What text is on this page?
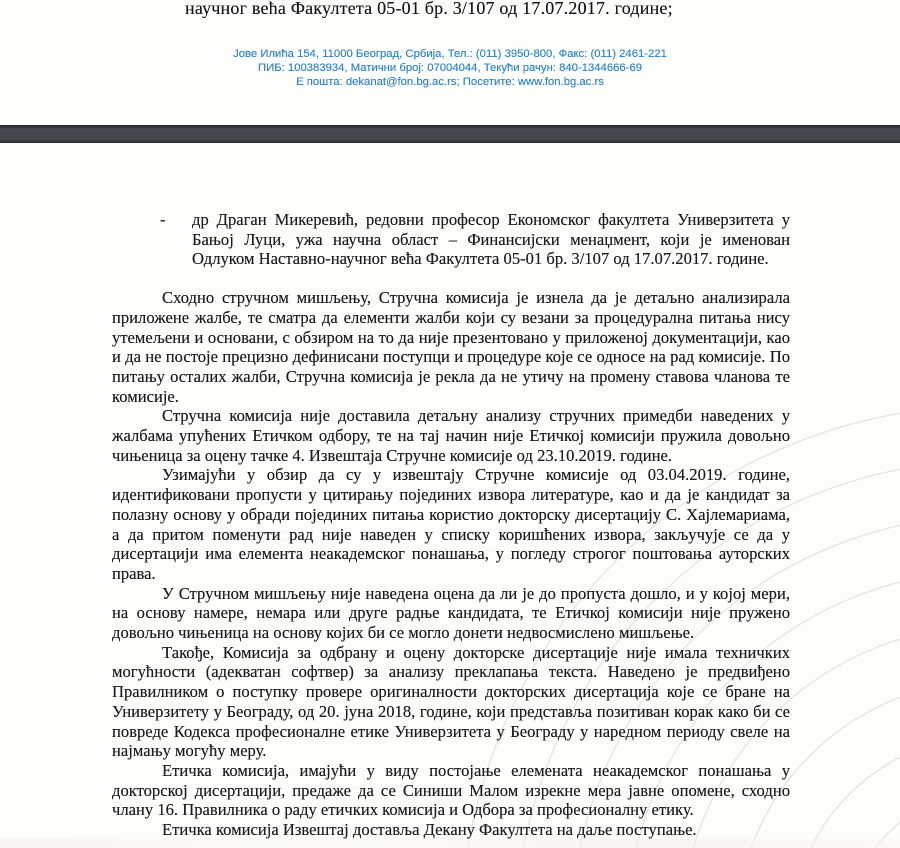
научног већа Факултета 05-01 бр. 3/107 од 17.07.2017. године;
Јове Илића 154, 11000 Београд, Србија, Тел.: (011) 3950-800, Факс: (011) 2461-221
ПИБ: 100383934, Матични број: 07004044, Текући рачун: 840-1344666-69
Е пошта: dekanat@fon.bg.ac.rs; Посетите: www.fon.bg.ac.rs
- др Драган Микеревић, редовни професор Економског факултета Универзитета у Бањој Луци, ужа научна област – Финансијски менаџмент, који је именован Одлуком Наставно-научног већа Факултета 05-01 бр. 3/107 од 17.07.2017. године.

Сходно стручном мишљењу, Стручна комисија је изнела да је детаљно анализирала приложене жалбе, те сматра да елементи жалби који су везани за процедурална питања нису утемељени и основани, с обзиром на то да није презентовано у приложеној документацији, као и да не постоје прецизно дефинисани поступци и процедуре које се односе на рад комисије. По питању осталих жалби, Стручна комисија је рекла да не утичу на промену ставова чланова те комисије.

Стручна комисија није доставила детаљну анализу стручних примедби наведених у жалбама упућених Етичком одбору, те на тај начин није Етичкој комисији пружила довољно чињеница за оцену тачке 4. Извештаја Стручне комисије од 23.10.2019. године.

Узимајући у обзир да су у извештају Стручне комисије од 03.04.2019. године, идентификовани пропусти у цитирању појединих извора литературе, као и да је кандидат за полазну основу у обради појединих питања користио докторску дисертацију С. Хајлемариама, а да притом поменути рад није наведен у списку коришћених извора, закључује се да у дисертацији има елемента неакадемског понашања, у погледу строгог поштовања ауторских права.

У Стручном мишљењу није наведена оцена да ли је до пропуста дошло, и у којој мери, на основу намере, немара или друге радње кандидата, те Етичкој комисији није пружено довољно чињеница на основу којих би се могло донети недвосмислено мишљење.

Такође, Комисија за одбрану и оцену докторске дисертације није имала техничких могућности (адекватан софтвер) за анализу преклапања текста. Наведено је предвиђено Правилником о поступку провере оригиналности докторских дисертација које се бране на Универзитету у Београду, од 20. јуна 2018, године, који представља позитиван корак како би се повреде Кодекса професионалне етике Универзитета у Београду у наредном периоду свеле на најмању могућу меру.

Етичка комисија, имајући у виду постојање елемената неакадемског понашања у докторској дисертацији, предаже да се Синиши Малом изрекне мера јавне опомене, сходно члану 16. Правилника о раду етичких комисија и Одбора за професионалну етику.

Етичка комисија Извештај доставља Декану Факултета на даље поступање.
